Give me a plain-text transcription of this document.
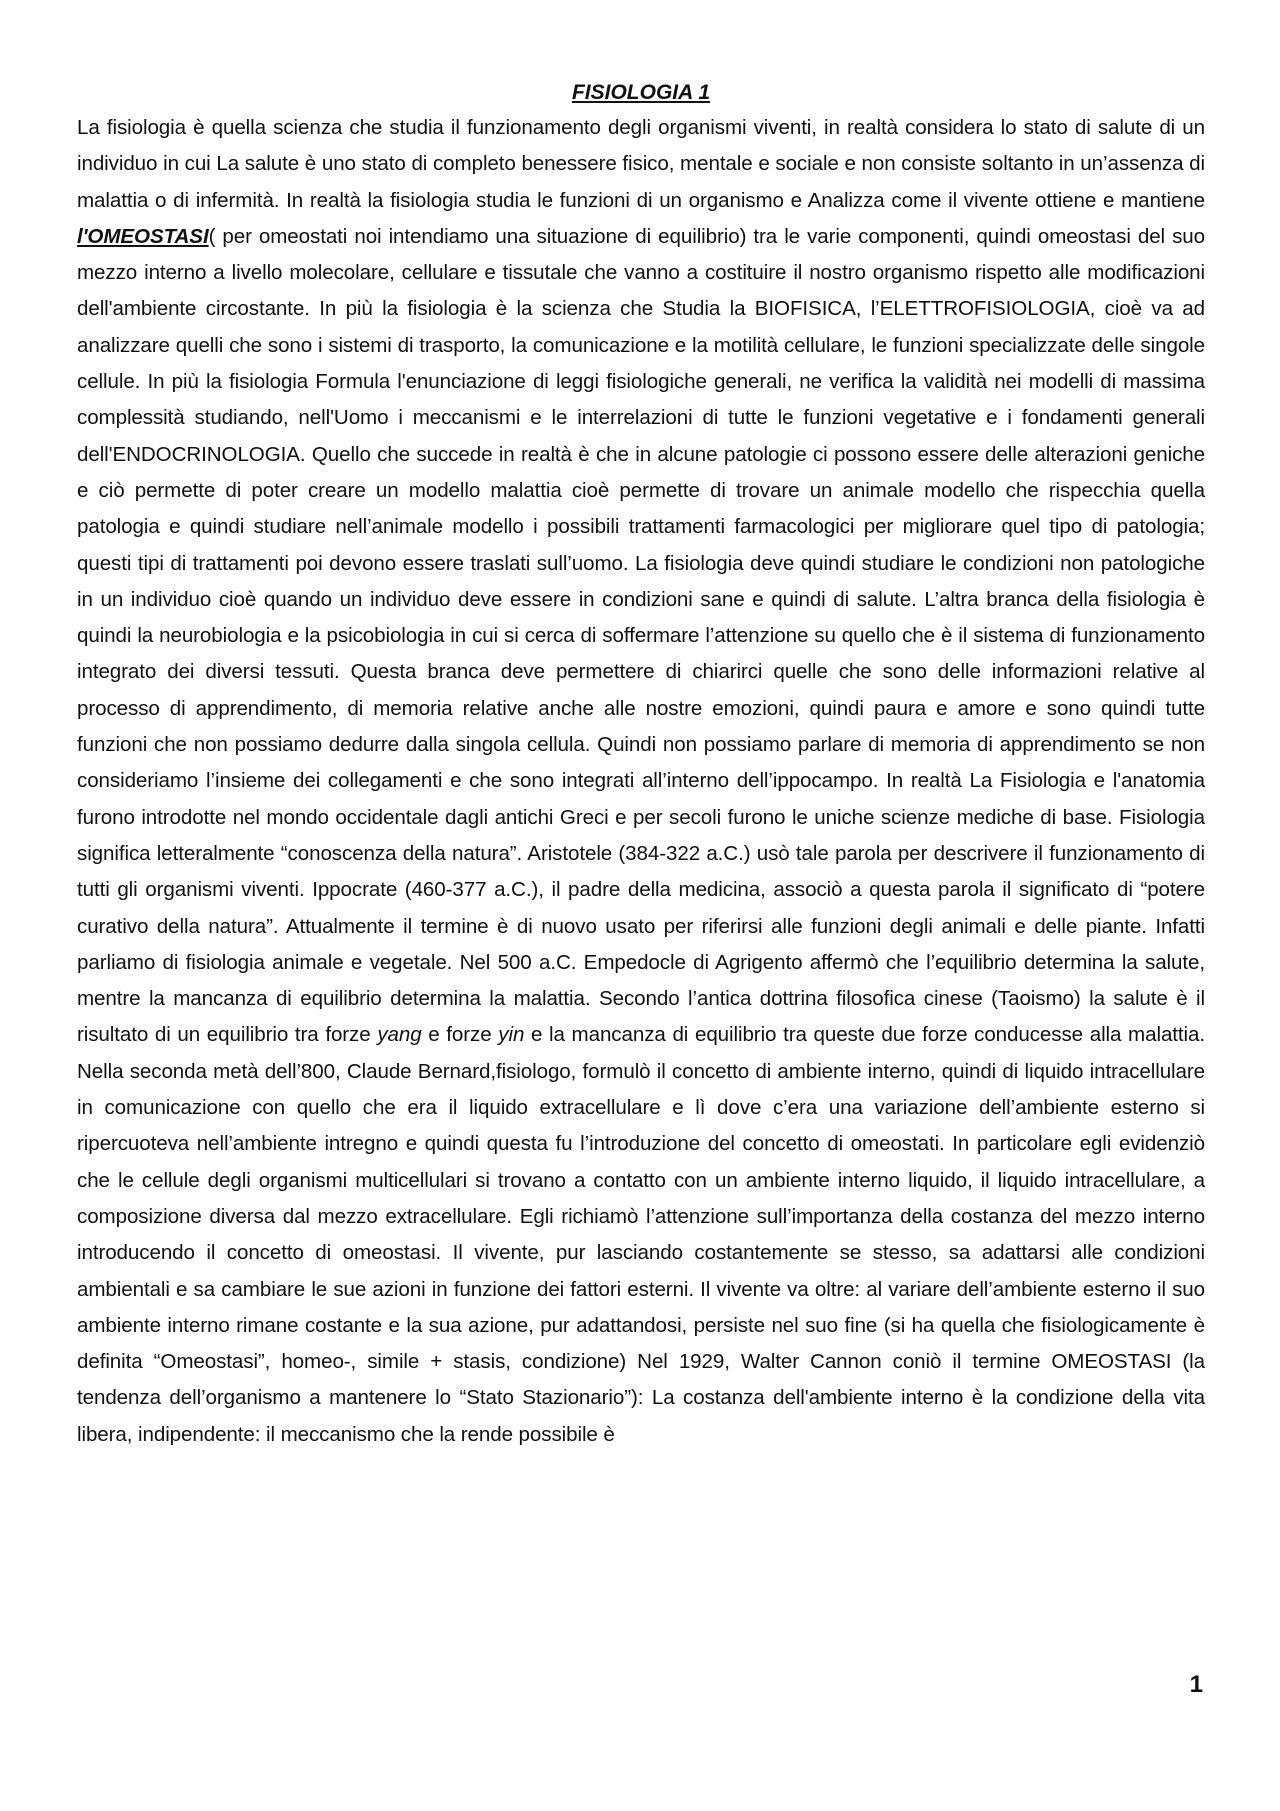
FISIOLOGIA 1

La fisiologia è quella scienza che studia il funzionamento degli organismi viventi, in realtà considera lo stato di salute di un individuo in cui La salute è uno stato di completo benessere fisico, mentale e sociale e non consiste soltanto in un’assenza di malattia o di infermità. In realtà la fisiologia studia le funzioni di un organismo e Analizza come il vivente ottiene e mantiene l'OMEOSTASI( per omeostati noi intendiamo una situazione di equilibrio) tra le varie componenti, quindi omeostasi del suo mezzo interno a livello molecolare, cellulare e tissutale che vanno a costituire il nostro organismo rispetto alle modificazioni dell'ambiente circostante. In più la fisiologia è la scienza che Studia la BIOFISICA, l’ELETTROFISIOLOGIA, cioè va ad analizzare quelli che sono i sistemi di trasporto, la comunicazione e la motilità cellulare, le funzioni specializzate delle singole cellule. In più la fisiologia Formula l'enunciazione di leggi fisiologiche generali, ne verifica la validità nei modelli di massima complessità studiando, nell'Uomo i meccanismi e le interrelazioni di tutte le funzioni vegetative e i fondamenti generali dell'ENDOCRINOLOGIA. Quello che succede in realtà è che in alcune patologie ci possono essere delle alterazioni geniche e ciò permette di poter creare un modello malattia cioè permette di trovare un animale modello che rispecchia quella patologia e quindi studiare nell’animale modello i possibili trattamenti farmacologici per migliorare quel tipo di patologia; questi tipi di trattamenti poi devono essere traslati sull’uomo. La fisiologia deve quindi studiare le condizioni non patologiche in un individuo cioè quando un individuo deve essere in condizioni sane e quindi di salute. L’altra branca della fisiologia è quindi la neurobiologia e la psicobiologia in cui si cerca di soffermare l’attenzione su quello che è il sistema di funzionamento integrato dei diversi tessuti. Questa branca deve permettere di chiarirci quelle che sono delle informazioni relative al processo di apprendimento, di memoria relative anche alle nostre emozioni, quindi paura e amore e sono quindi tutte funzioni che non possiamo dedurre dalla singola cellula. Quindi non possiamo parlare di memoria di apprendimento se non consideriamo l’insieme dei collegamenti e che sono integrati all’interno dell’ippocampo. In realtà La Fisiologia e l'anatomia furono introdotte nel mondo occidentale dagli antichi Greci e per secoli furono le uniche scienze mediche di base. Fisiologia significa letteralmente “conoscenza della natura”. Aristotele (384-322 a.C.) usò tale parola per descrivere il funzionamento di tutti gli organismi viventi. Ippocrate (460-377 a.C.), il padre della medicina, associò a questa parola il significato di “potere curativo della natura”. Attualmente il termine è di nuovo usato per riferirsi alle funzioni degli animali e delle piante. Infatti parliamo di fisiologia animale e vegetale. Nel 500 a.C. Empedocle di Agrigento affermò che l’equilibrio determina la salute, mentre la mancanza di equilibrio determina la malattia. Secondo l’antica dottrina filosofica cinese (Taoismo) la salute è il risultato di un equilibrio tra forze yang e forze yin e la mancanza di equilibrio tra queste due forze conducesse alla malattia. Nella seconda metà dell’800, Claude Bernard,fisiologo, formulò il concetto di ambiente interno, quindi di liquido intracellulare in comunicazione con quello che era il liquido extracellulare e lì dove c’era una variazione dell’ambiente esterno si ripercuoteva nell’ambiente intregno e quindi questa fu l’introduzione del concetto di omeostati. In particolare egli evidenziò che le cellule degli organismi multicellulari si trovano a contatto con un ambiente interno liquido, il liquido intracellulare, a composizione diversa dal mezzo extracellulare. Egli richiamò l’attenzione sull’importanza della costanza del mezzo interno introducendo il concetto di omeostasi. Il vivente, pur lasciando costantemente se stesso, sa adattarsi alle condizioni ambientali e sa cambiare le sue azioni in funzione dei fattori esterni. Il vivente va oltre: al variare dell’ambiente esterno il suo ambiente interno rimane costante e la sua azione, pur adattandosi, persiste nel suo fine (si ha quella che fisiologicamente è definita “Omeostasi”, homeo-, simile + stasis, condizione) Nel 1929, Walter Cannon coniò il termine OMEOSTASI (la tendenza dell’organismo a mantenere lo “Stato Stazionario”): La costanza dell'ambiente interno è la condizione della vita libera, indipendente: il meccanismo che la rende possibile è

1
